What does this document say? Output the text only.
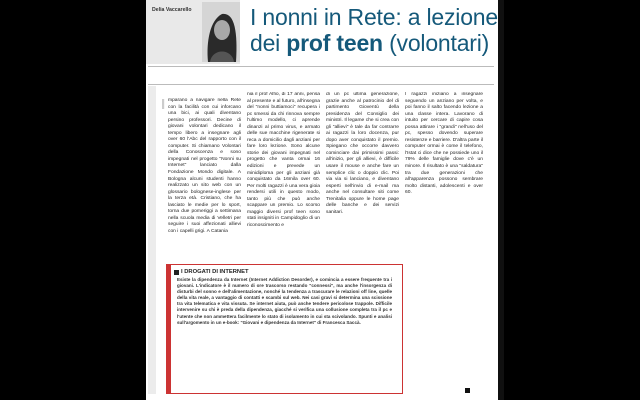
Delia Vaccarello	I nonni in Rete: a lezione
dei prof teen (volontari)
I mparano a navigare nella Rete con la facilità con cui inforcano una bici, ai quali diventano persino professori. Decine di giovani volontari dedicano il tempo libero a insegnare agli over 60 l'Abc del rapporto con il computer. Si chiamano Volontari della Conoscenza e sono impegnati nel progetto "Nonni su Internet" lanciato dalla Fondazione Mondo digitale. A Bologna alcuni studenti hanno realizzato un sito web con un glossario bolognese-inglese per la terza età. Cristiano, che ha lasciato le medie per lo sport, torna due pomeriggi a settimana nella scuola media di Velletri per seguire i suoi affezionati allievi con i capelli grigi. A Catania
nia il prof Alfio, di 17 anni, pensa al presente e al futuro, all'insegna del "nonni buttiamoci" recupera i pc smessi da chi rinnova sempre l'ultimo modello, ci aprende dinanzi al primo virus, e armato delle sue macchine rigenerate si reca a domicilio dagli anziani per fare loro lezione. Sono alcune storie dei giovani impegnati nel progetto che vanta ormai 16 edizioni e prevede un minidiploma per gli anziani già conquistato da 16mila over 60. Per molti ragazzi è una vera gioia rendersi utili in questo modo, tanto più che può anche scappare un premio. Lo scorso maggio diversi prof teen sono stati insigniti in Campidoglio di un riconoscimento e
di un pc ultima generazione, grazie anche al patrocinio del di partimento Gioventù della presidenza del Consiglio dei ministri. Il legame che si crea con gli "allievi" è tale da far contrarre ai ragazzi la loro docenza, pur dopo aver conquistato il premio. Spiegano che occorre davvero cominciare dai primissimi passi: all'inizio, per gli allievi, è difficile usare il mouse e anche fare un semplice clic o doppio clic. Poi via via si lanciano, e diventano esperti nell'invio di e-mail ma anche nel consultare siti come Trenitalia oppure le home page delle banche e dei servizi sanitari.
I ragazzi iniziano a insegnare seguendo un anziano per volta, e poi fanno il salto facendo lezione a una classe intera. Lavorano di intuito per cercare di capire cosa possa attirare i "grandi" nell'uso del pc, spesso dovendo superare resistenze e barriere. D'altra parte il computer ormai è come il telefono, l'Istat ci dice che ne possiede uno il 79% delle famiglie dove c'è un minore. Il risultato è una "saldatura" tra due generazioni che all'apparenza possono sembrare molto distanti, adolescenti e over 60.
I DROGATI DI INTERNET
Esiste la dipendenza da Internet (Internet Addiction Desorder), e comincia a essere frequente tra i giovani. L'indicatore è il numero di ore trascorso restando "connessi", ma anche l'insorgenza di disturbi del sonno e dell'alimentazione, nonché la tendenza a trascurare le relazioni off line, quelle della vita reale, a vantaggio di contatti e scambi sul web. Nei casi gravi si determina una scissione tra vita telematica e vita vissuta. Se internet aiuta, può anche tendere pericolose trappole. Difficile intervenire su chi è preda della dipendenza, giacché si verifica una collusione completa tra il pc e l'utente che non ammettera facilmente lo stato di isolamento in cui sta scivolando. Spunti e analisi sull'argomento in un e-book: "Giovani e dipendenza da Internet" di Francesca Saccà.
